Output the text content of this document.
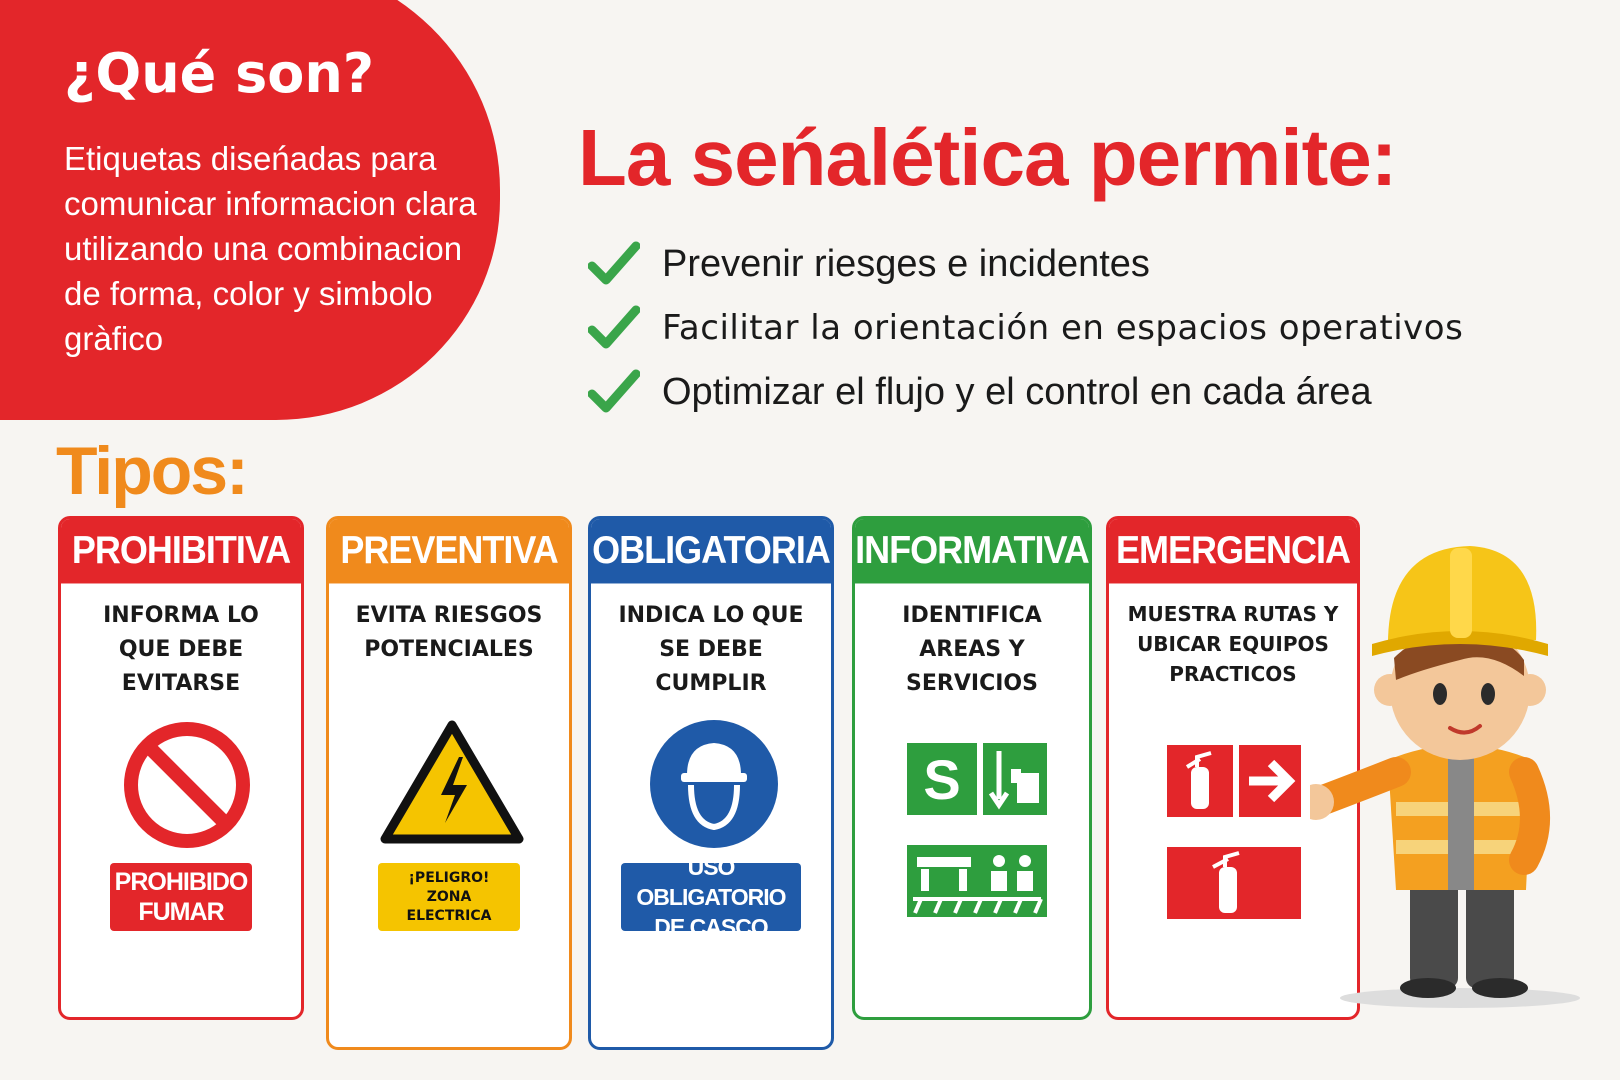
¿Qué son?

Etiquetas diseńadas para comunicar informacion clara utilizando una combinacion de forma, color y simbolo gràfico

La seńalética permite:
Prevenir riesges e incidentes
Facilitar la orientación en espacios operativos
Optimizar el flujo y el control en cada área
Tipos:
PROHIBITIVA
INFORMA LO QUE DEBE EVITARSE
PROHIBIDO
FUMAR
PREVENTIVA
EVITA RIESGOS POTENCIALES
¡PELIGRO!
ZONA
ELECTRICA
OBLIGATORIA
INDICA LO QUE SE DEBE CUMPLIR
USO OBLIGATORIO
DE CASCO
INFORMATIVA
IDENTIFICA AREAS Y SERVICIOS
S
EMERGENCIA
MUESTRA RUTAS Y UBICAR EQUIPOS PRACTICOS
